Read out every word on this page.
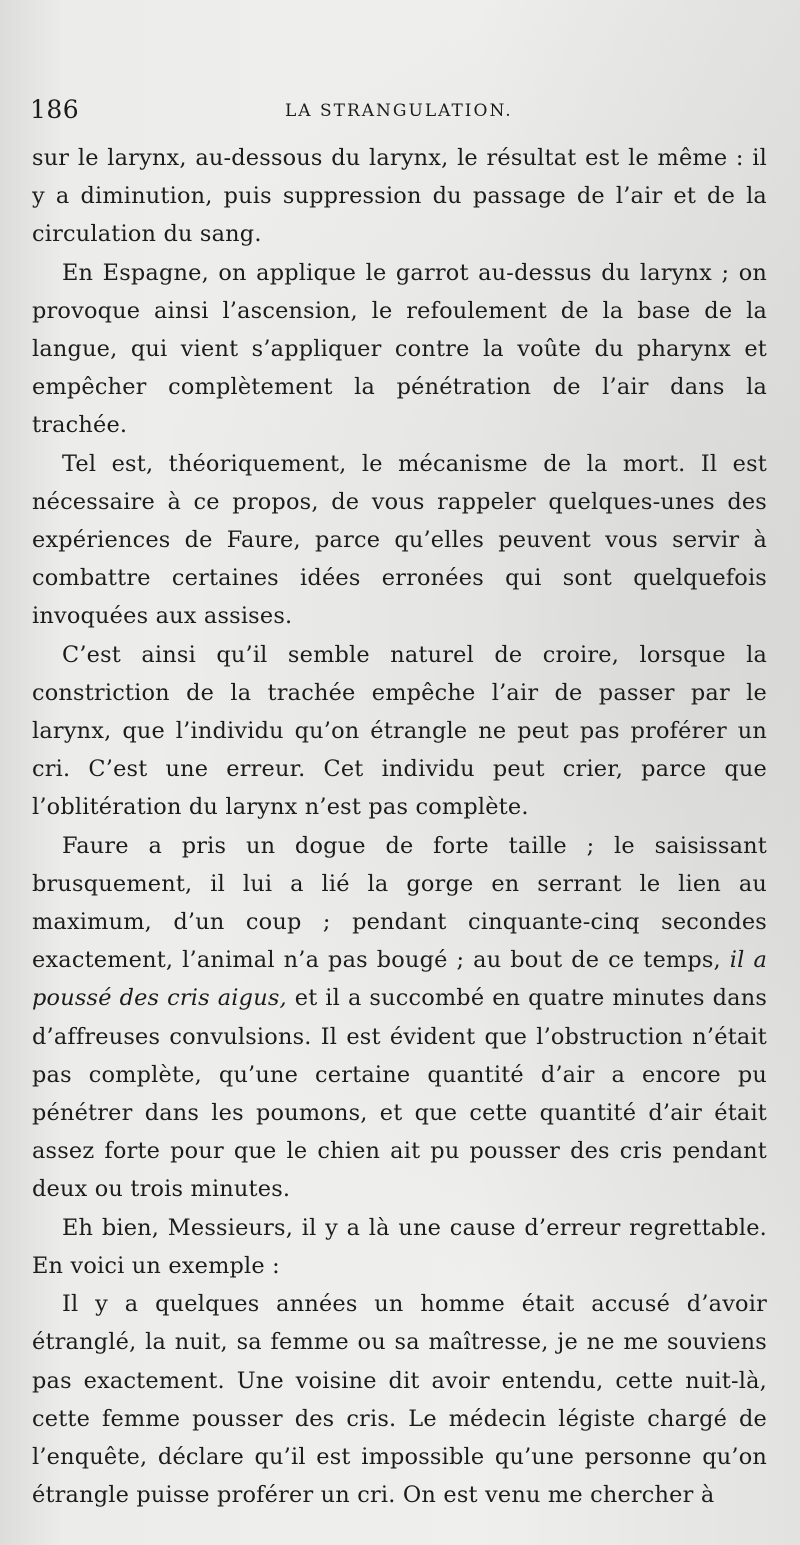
186	LA STRANGULATION.

sur le larynx, au-dessous du larynx, le résultat est le même : il y a diminution, puis suppression du passage de l’air et de la circulation du sang.

En Espagne, on applique le garrot au-dessus du larynx ; on provoque ainsi l’ascension, le refoulement de la base de la langue, qui vient s’appliquer contre la voûte du pharynx et empêcher complètement la pénétration de l’air dans la trachée.

Tel est, théoriquement, le mécanisme de la mort. Il est nécessaire à ce propos, de vous rappeler quelques-unes des expériences de Faure, parce qu’elles peuvent vous servir à combattre certaines idées erronées qui sont quelquefois invoquées aux assises.

C’est ainsi qu’il semble naturel de croire, lorsque la constriction de la trachée empêche l’air de passer par le larynx, que l’individu qu’on étrangle ne peut pas proférer un cri. C’est une erreur. Cet individu peut crier, parce que l’oblitération du larynx n’est pas complète.

Faure a pris un dogue de forte taille ; le saisissant brusquement, il lui a lié la gorge en serrant le lien au maximum, d’un coup ; pendant cinquante-cinq secondes exactement, l’animal n’a pas bougé ; au bout de ce temps, il a poussé des cris aigus, et il a succombé en quatre minutes dans d’affreuses convulsions. Il est évident que l’obstruction n’était pas complète, qu’une certaine quantité d’air a encore pu pénétrer dans les poumons, et que cette quantité d’air était assez forte pour que le chien ait pu pousser des cris pendant deux ou trois minutes.

Eh bien, Messieurs, il y a là une cause d’erreur regrettable. En voici un exemple :

Il y a quelques années un homme était accusé d’avoir étranglé, la nuit, sa femme ou sa maîtresse, je ne me souviens pas exactement. Une voisine dit avoir entendu, cette nuit-là, cette femme pousser des cris. Le médecin légiste chargé de l’enquête, déclare qu’il est impossible qu’une personne qu’on étrangle puisse proférer un cri. On est venu me chercher à
